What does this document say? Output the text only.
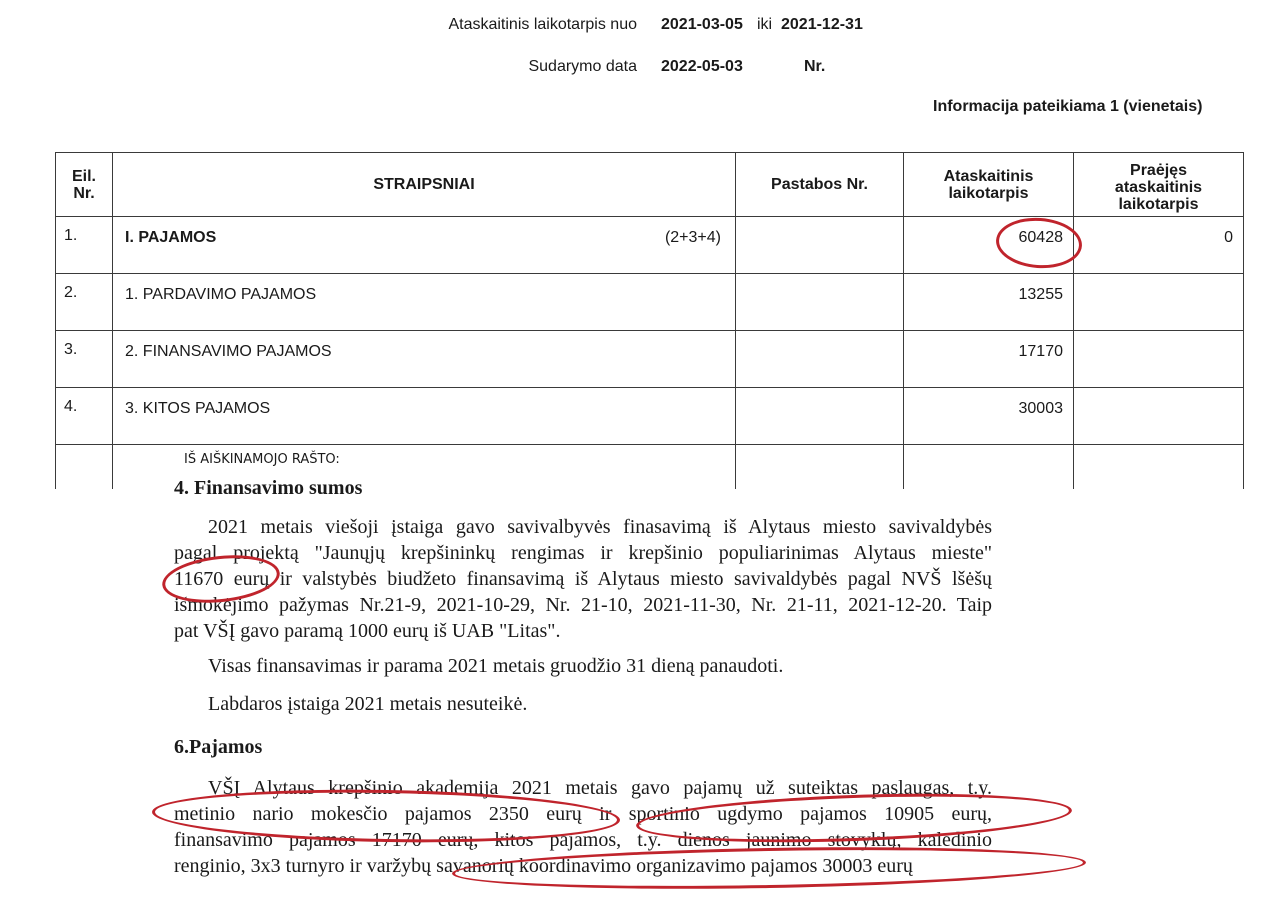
Ataskaitinis laikotarpis nuo 2021-03-05 iki 2021-12-31
Sudarymo data 2022-05-03	Nr.
Informacija pateikiama 1 (vienetais)
Eil.
Nr.	STRAIPSNIAI	Pastabos Nr.	Ataskaitinis
laikotarpis	Praėjęs
ataskaitinis
laikotarpis
1.	I. PAJAMOS (2+3+4)		60428	0
2.	1. PARDAVIMO PAJAMOS		13255	
3.	2. FINANSAVIMO PAJAMOS		17170	
4.	3. KITOS PAJAMOS		30003	

IŠ AIŠKINAMOJO RAŠTO:
4. Finansavimo sumos
2021 metais viešoji įstaiga gavo savivalbyvės finasavimą iš Alytaus miesto savivaldybės
pagal projektą "Jaunųjų krepšininkų rengimas ir krepšinio populiarinimas Alytaus mieste"
11670 eurų ir valstybės biudžeto finansavimą iš Alytaus miesto savivaldybės pagal NVŠ lšėšų
išmokėjimo pažymas Nr.21-9, 2021-10-29, Nr. 21-10, 2021-11-30, Nr. 21-11, 2021-12-20. Taip
pat VŠĮ gavo paramą 1000 eurų iš UAB "Litas".
Visas finansavimas ir parama 2021 metais gruodžio 31 dieną panaudoti.
Labdaros įstaiga 2021 metais nesuteikė.
6.Pajamos
VŠĮ Alytaus krepšinio akademija 2021 metais gavo pajamų už suteiktas paslaugas, t.y.
metinio nario mokesčio pajamos 2350 eurų ir sportinio ugdymo pajamos 10905 eurų,
finansavimo pajamos 17170 eurų, kitos pajamos, t.y. dienos jaunimo stovyklų, kalėdinio
renginio, 3x3 turnyro ir varžybų savanorių koordinavimo organizavimo pajamos 30003 eurų
